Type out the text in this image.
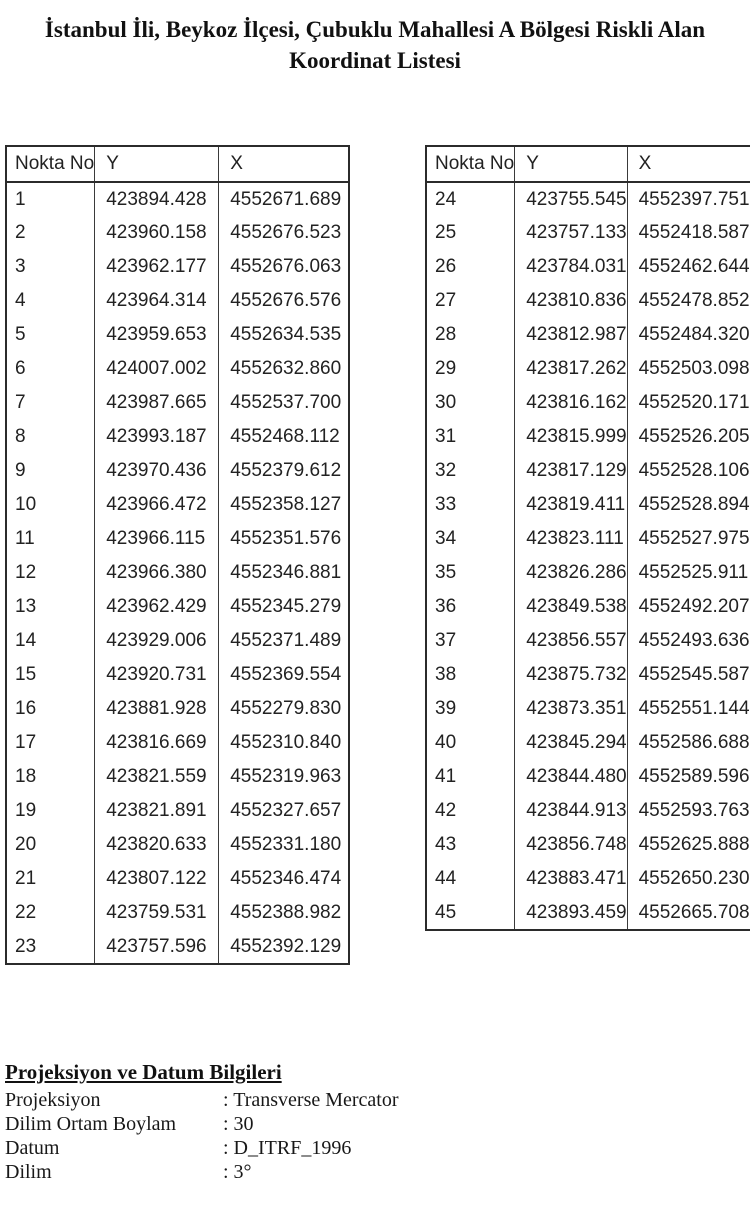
İstanbul İli, Beykoz İlçesi, Çubuklu Mahallesi A Bölgesi Riskli Alan Koordinat Listesi
Nokta No	Y	X
1	423894.428	4552671.689
2	423960.158	4552676.523
3	423962.177	4552676.063
4	423964.314	4552676.576
5	423959.653	4552634.535
6	424007.002	4552632.860
7	423987.665	4552537.700
8	423993.187	4552468.112
9	423970.436	4552379.612
10	423966.472	4552358.127
11	423966.115	4552351.576
12	423966.380	4552346.881
13	423962.429	4552345.279
14	423929.006	4552371.489
15	423920.731	4552369.554
16	423881.928	4552279.830
17	423816.669	4552310.840
18	423821.559	4552319.963
19	423821.891	4552327.657
20	423820.633	4552331.180
21	423807.122	4552346.474
22	423759.531	4552388.982
23	423757.596	4552392.129
Nokta No	Y	X
24	423755.545	4552397.751
25	423757.133	4552418.587
26	423784.031	4552462.644
27	423810.836	4552478.852
28	423812.987	4552484.320
29	423817.262	4552503.098
30	423816.162	4552520.171
31	423815.999	4552526.205
32	423817.129	4552528.106
33	423819.411	4552528.894
34	423823.111	4552527.975
35	423826.286	4552525.911
36	423849.538	4552492.207
37	423856.557	4552493.636
38	423875.732	4552545.587
39	423873.351	4552551.144
40	423845.294	4552586.688
41	423844.480	4552589.596
42	423844.913	4552593.763
43	423856.748	4552625.888
44	423883.471	4552650.230
45	423893.459	4552665.708
Projeksiyon ve Datum Bilgileri
Projeksiyon	: Transverse Mercator
Dilim Ortam Boylam	: 30
Datum	: D_ITRF_1996
Dilim	: 3°
